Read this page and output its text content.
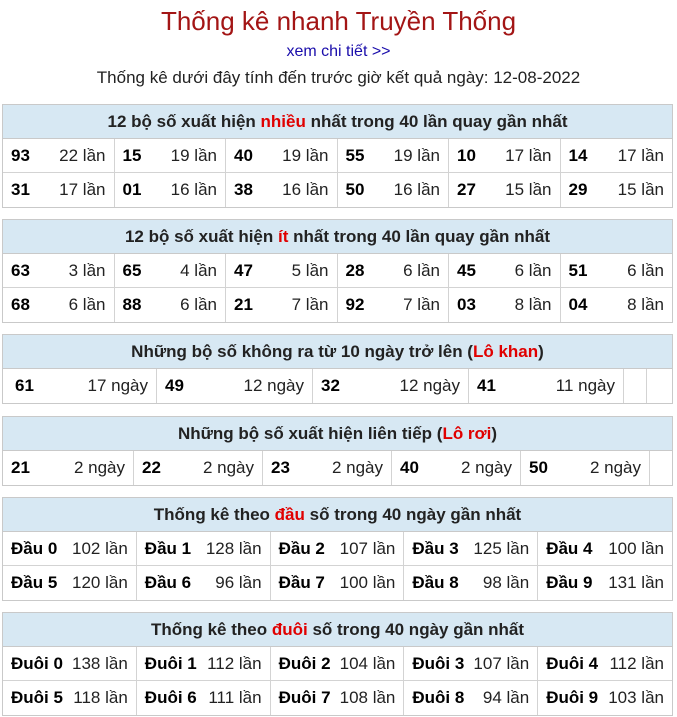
Thống kê nhanh Truyền Thống
xem chi tiết >>
Thống kê dưới đây tính đến trước giờ kết quả ngày: 12-08-2022
12 bộ số xuất hiện nhiều nhất trong 40 lần quay gần nhất
93 22 lần	15 19 lần	40 19 lần	55 19 lần	10 17 lần	14 17 lần
31 17 lần	01 16 lần	38 16 lần	50 16 lần	27 15 lần	29 15 lần
12 bộ số xuất hiện ít nhất trong 40 lần quay gần nhất
63 3 lần	65 4 lần	47 5 lần	28 6 lần	45 6 lần	51 6 lần
68 6 lần	88 6 lần	21 7 lần	92 7 lần	03 8 lần	04 8 lần
Những bộ số không ra từ 10 ngày trở lên ( Lô khan )
61	17 ngày	49	12 ngày	32	12 ngày	41	11 ngày
Những bộ số xuất hiện liên tiếp ( Lô rơi )
21	2 ngày	22 2 ngày	23 2 ngày	40 2 ngày	50 2 ngày
Thống kê theo đầu số trong 40 ngày gần nhất
Đầu 0 102 lần	Đầu 1 128 lần	Đầu 2 107 lần	Đầu 3 125 lần	Đầu 4 100 lần
Đầu 5 120 lần	Đầu 6 96 lần	Đầu 7 100 lần	Đầu 8 98 lần	Đầu 9 131 lần
Thống kê theo đuôi số trong 40 ngày gần nhất
Đuôi 0 138 lần	Đuôi 1 112 lần	Đuôi 2 104 lần	Đuôi 3 107 lần	Đuôi 4 112 lần
Đuôi 5 118 lần	Đuôi 6 111 lần	Đuôi 7 108 lần	Đuôi 8 94 lần	Đuôi 9 103 lần
